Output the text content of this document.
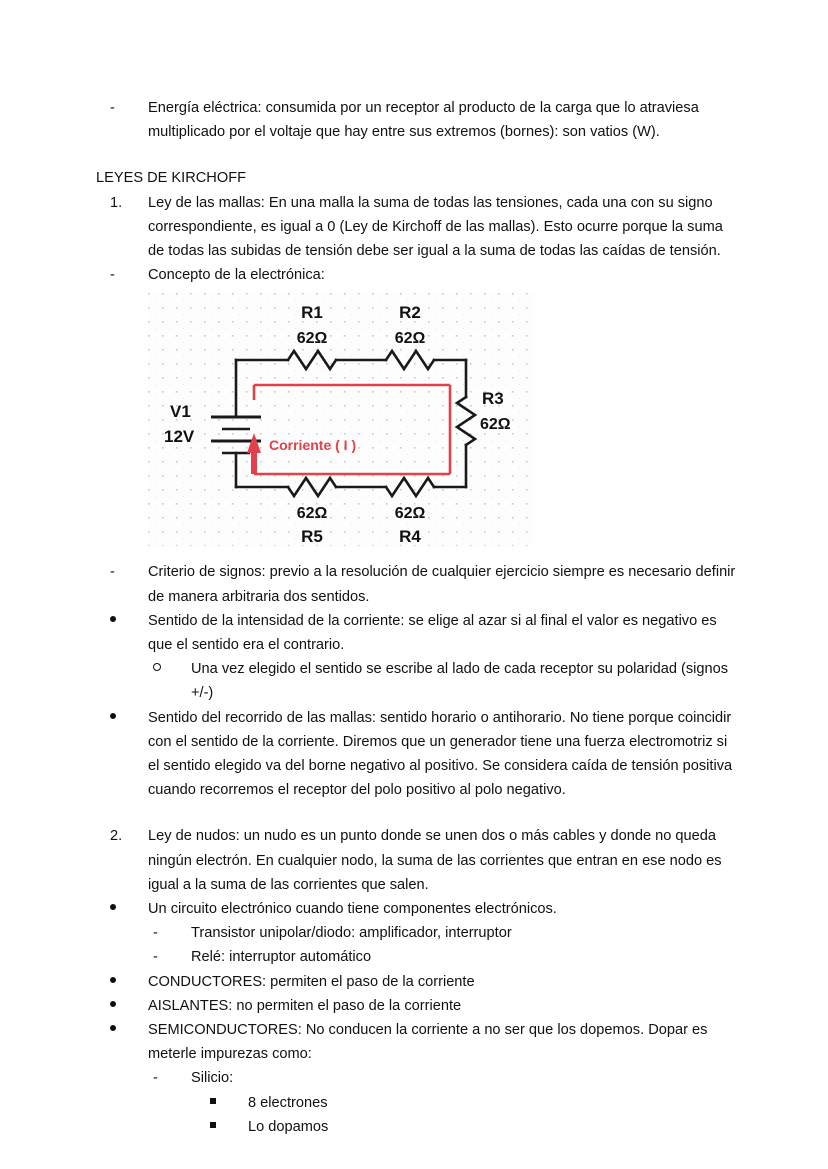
-	Energía eléctrica: consumida por un receptor al producto de la carga que lo atraviesa multiplicado por el voltaje que hay entre sus extremos (bornes): son vatios (W).
LEYES DE KIRCHOFF
1.	Ley de las mallas: En una malla la suma de todas las tensiones, cada una con su signo correspondiente, es igual a 0 (Ley de Kirchoff de las mallas). Esto ocurre porque la suma de todas las subidas de tensión debe ser igual a la suma de todas las caídas de tensión.
-	Concepto de la electrónica:
R1
62Ω
R2
62Ω
R3
62Ω
62Ω
R4
62Ω
R5
V1
12V	Corriente ( I )
-	Criterio de signos: previo a la resolución de cualquier ejercicio siempre es necesario definir de manera arbitraria dos sentidos.
Sentido de la intensidad de la corriente: se elige al azar si al final el valor es negativo es que el sentido era el contrario.
Una vez elegido el sentido se escribe al lado de cada receptor su polaridad (signos +/-)
Sentido del recorrido de las mallas: sentido horario o antihorario. No tiene porque coincidir con el sentido de la corriente. Diremos que un generador tiene una fuerza electromotriz si el sentido elegido va del borne negativo al positivo. Se considera caída de tensión positiva cuando recorremos el receptor del polo positivo al polo negativo.
2.	Ley de nudos: un nudo es un punto donde se unen dos o más cables y donde no queda ningún electrón. En cualquier nodo, la suma de las corrientes que entran en ese nodo es igual a la suma de las corrientes que salen.
Un circuito electrónico cuando tiene componentes electrónicos.
-	Transistor unipolar/diodo: amplificador, interruptor
-	Relé: interruptor automático
CONDUCTORES: permiten el paso de la corriente
AISLANTES: no permiten el paso de la corriente
SEMICONDUCTORES: No conducen la corriente a no ser que los dopemos. Dopar es meterle impurezas como:
-	Silicio:
8 electrones
Lo dopamos
